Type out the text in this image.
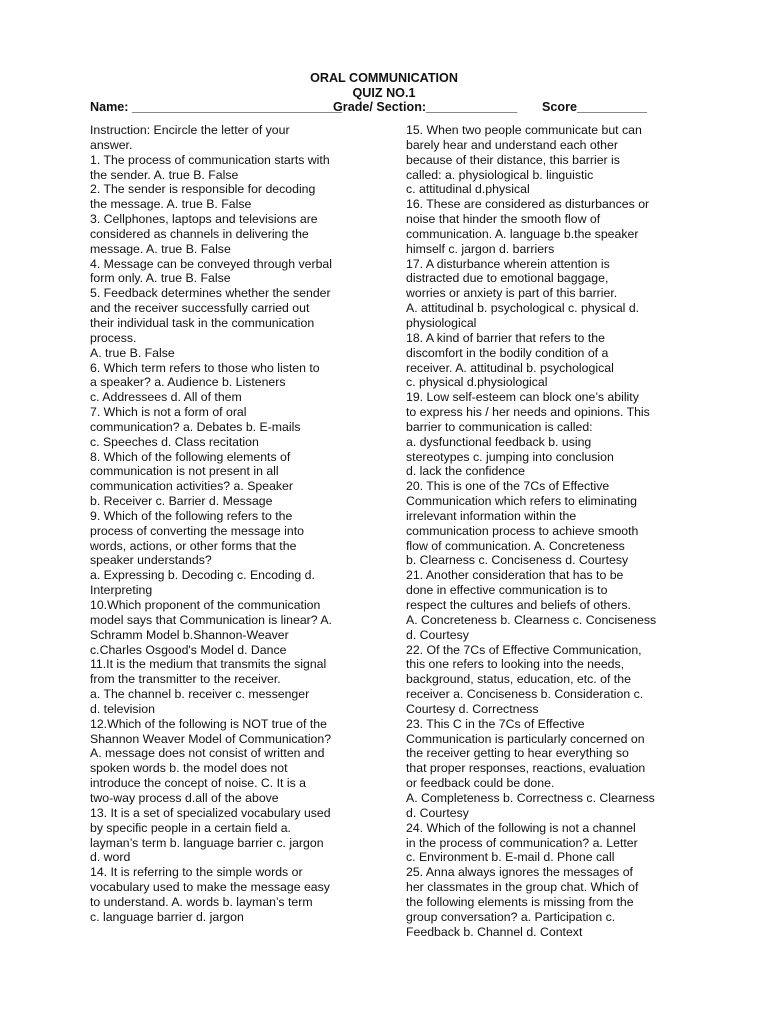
ORAL COMMUNICATION
QUIZ NO.1
Name: ______________________________
Grade/ Section:_____________ Score__________
Instruction: Encircle the letter of your
answer.
1. The process of communication starts with
the sender. A. true B. False
2. The sender is responsible for decoding
the message. A. true B. False
3. Cellphones, laptops and televisions are
considered as channels in delivering the
message. A. true B. False
4. Message can be conveyed through verbal
form only. A. true B. False
5. Feedback determines whether the sender
and the receiver successfully carried out
their individual task in the communication
process.
A. true B. False
6. Which term refers to those who listen to
a speaker? a. Audience b. Listeners
c. Addressees d. All of them
7. Which is not a form of oral
communication? a. Debates b. E-mails
c. Speeches d. Class recitation
8. Which of the following elements of
communication is not present in all
communication activities? a. Speaker
b. Receiver c. Barrier d. Message
9. Which of the following refers to the
process of converting the message into
words, actions, or other forms that the
speaker understands?
a. Expressing b. Decoding c. Encoding d.
Interpreting
10.Which proponent of the communication
model says that Communication is linear? A.
Schramm Model b.Shannon-Weaver
c.Charles Osgood's Model d. Dance
11.It is the medium that transmits the signal
from the transmitter to the receiver.
a. The channel b. receiver c. messenger
d. television
12.Which of the following is NOT true of the
Shannon Weaver Model of Communication?
A. message does not consist of written and
spoken words b. the model does not
introduce the concept of noise. C. It is a
two-way process d.all of the above
13. It is a set of specialized vocabulary used
by specific people in a certain field a.
layman’s term b. language barrier c. jargon
d. word
14. It is referring to the simple words or
vocabulary used to make the message easy
to understand. A. words b. layman’s term
c. language barrier d. jargon
15. When two people communicate but can
barely hear and understand each other
because of their distance, this barrier is
called: a. physiological b. linguistic
c. attitudinal d.physical
16. These are considered as disturbances or
noise that hinder the smooth flow of
communication. A. language b.the speaker
himself c. jargon d. barriers
17. A disturbance wherein attention is
distracted due to emotional baggage,
worries or anxiety is part of this barrier.
A. attitudinal b. psychological c. physical d.
physiological
18. A kind of barrier that refers to the
discomfort in the bodily condition of a
receiver. A. attitudinal b. psychological
c. physical d.physiological
19. Low self-esteem can block one’s ability
to express his / her needs and opinions. This
barrier to communication is called:
a. dysfunctional feedback b. using
stereotypes c. jumping into conclusion
d. lack the confidence
20. This is one of the 7Cs of Effective
Communication which refers to eliminating
irrelevant information within the
communication process to achieve smooth
flow of communication. A. Concreteness
b. Clearness c. Conciseness d. Courtesy
21. Another consideration that has to be
done in effective communication is to
respect the cultures and beliefs of others.
A. Concreteness b. Clearness c. Conciseness
d. Courtesy
22. Of the 7Cs of Effective Communication,
this one refers to looking into the needs,
background, status, education, etc. of the
receiver a. Conciseness b. Consideration c.
Courtesy d. Correctness
23. This C in the 7Cs of Effective
Communication is particularly concerned on
the receiver getting to hear everything so
that proper responses, reactions, evaluation
or feedback could be done.
A. Completeness b. Correctness c. Clearness
d. Courtesy
24. Which of the following is not a channel
in the process of communication? a. Letter
c. Environment b. E-mail d. Phone call
25. Anna always ignores the messages of
her classmates in the group chat. Which of
the following elements is missing from the
group conversation? a. Participation c.
Feedback b. Channel d. Context
